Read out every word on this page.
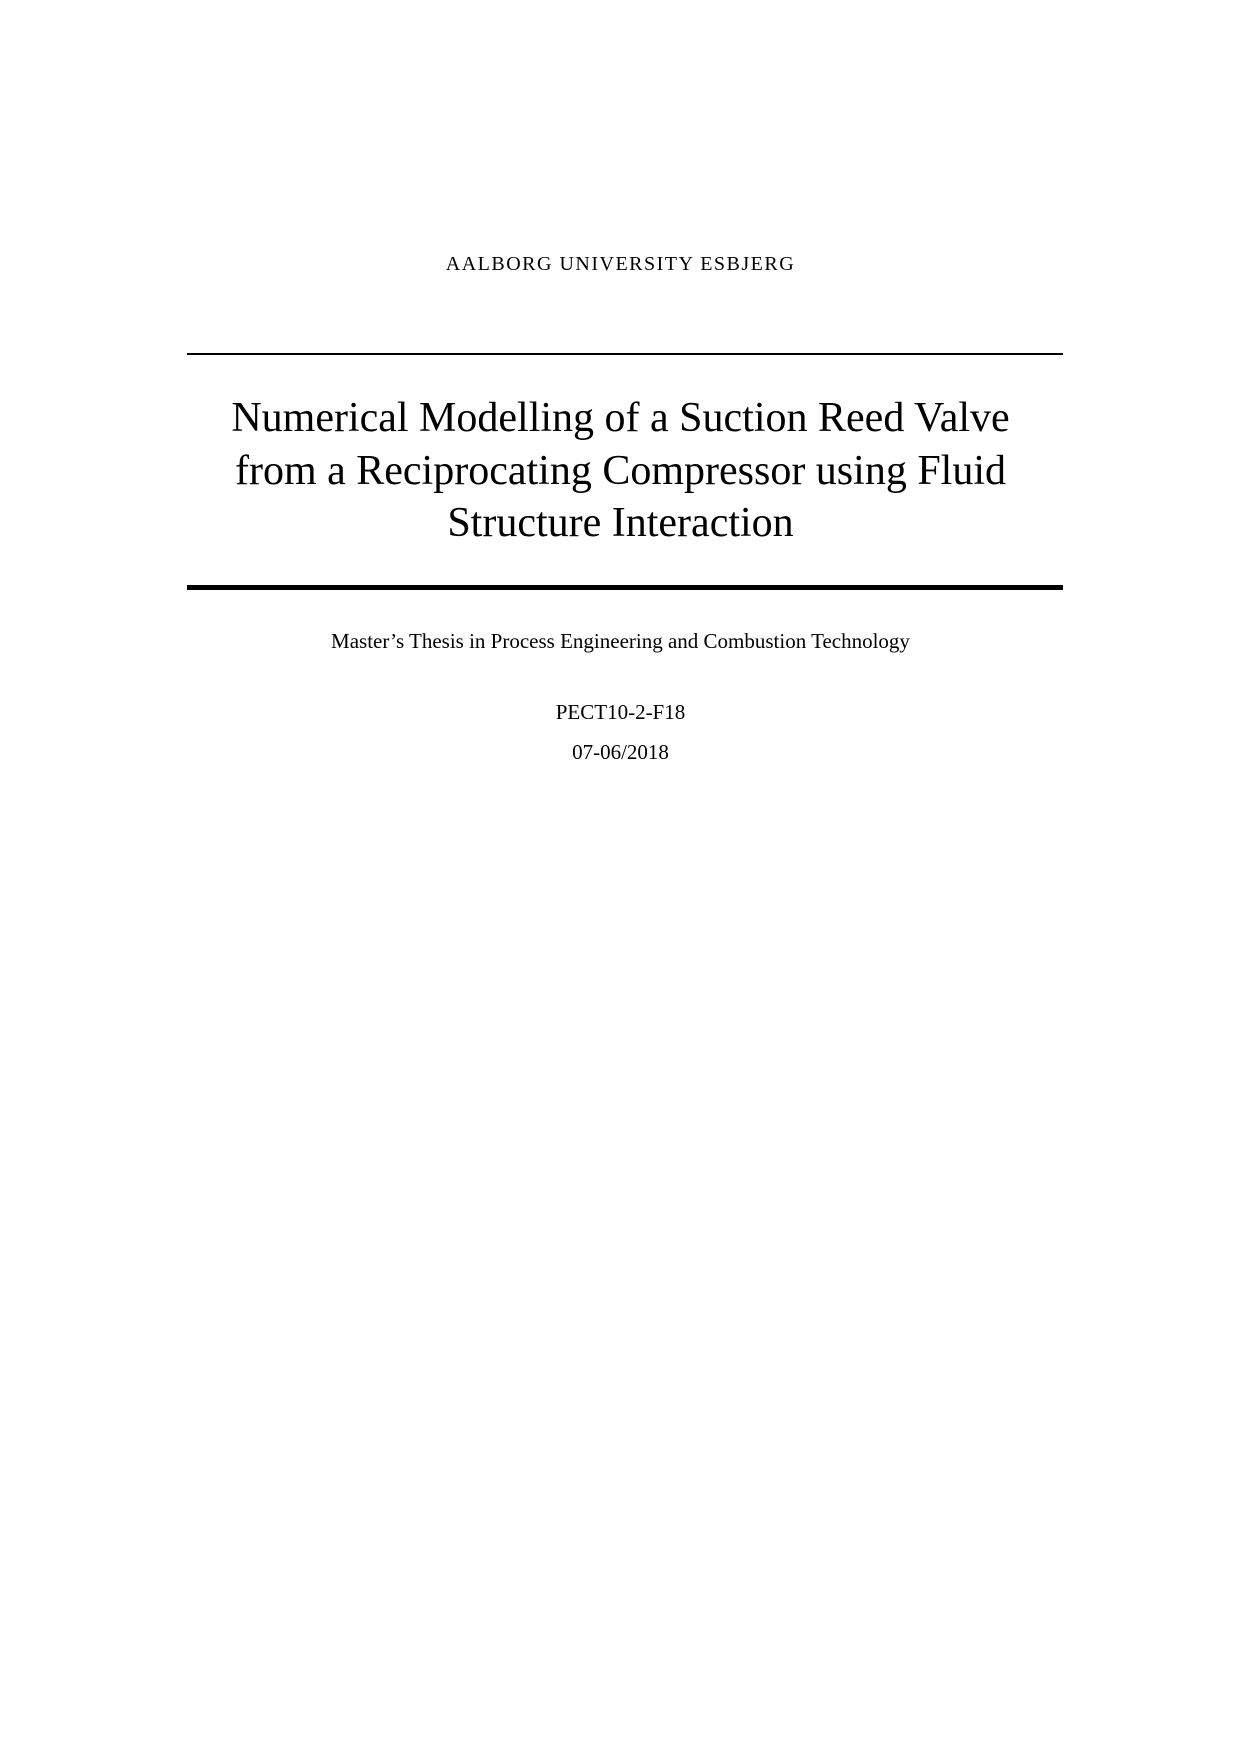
AALBORG UNIVERSITY ESBJERG
Numerical Modelling of a Suction Reed Valve
from a Reciprocating Compressor using Fluid
Structure Interaction
Master’s Thesis in Process Engineering and Combustion Technology
PECT10-2-F18
07-06/2018
